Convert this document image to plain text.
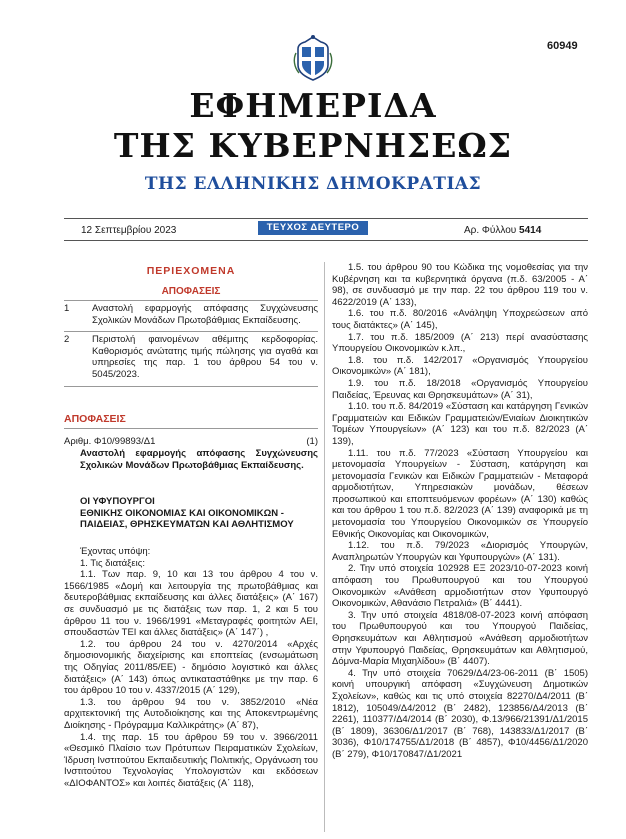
60949
ΕΦΗΜΕΡΙΔΑ
ΤΗΣ ΚΥΒΕΡΝΗΣΕΩΣ
ΤΗΣ ΕΛΛΗΝΙΚΗΣ ΔΗΜΟΚΡΑΤΙΑΣ
12 Σεπτεμβρίου 2023	ΤΕΥΧΟΣ ΔΕΥΤΕΡΟ	Αρ. Φύλλου 5414
ΠΕΡΙΕΧΟΜΕΝΑ
ΑΠΟΦΑΣΕΙΣ
1 Αναστολή εφαρμογής απόφασης Συγχώνευσης Σχολικών Μονάδων Πρωτοβάθμιας Εκπαίδευσης.
2 Περιστολή φαινομένων αθέμιτης κερδοφορίας. Καθορισμός ανώτατης τιμής πώλησης για αγαθά και υπηρεσίες της παρ. 1 του άρθρου 54 του ν. 5045/2023.
ΑΠΟΦΑΣΕΙΣ
Αριθμ. Φ10/99893/Δ1	(1)
Αναστολή εφαρμογής απόφασης Συγχώνευσης Σχολικών Μονάδων Πρωτοβάθμιας Εκπαίδευσης.
ΟΙ ΥΦΥΠΟΥΡΓΟΙ
ΕΘΝΙΚΗΣ ΟΙΚΟΝΟΜΙΑΣ ΚΑΙ ΟΙΚΟΝΟΜΙΚΩΝ -
ΠΑΙΔΕΙΑΣ, ΘΡΗΣΚΕΥΜΑΤΩΝ ΚΑΙ ΑΘΛΗΤΙΣΜΟΥ

Έχοντας υπόψη:

1. Τις διατάξεις:

1.1. Των παρ. 9, 10 και 13 του άρθρου 4 του ν. 1566/1985 «Δομή και λειτουργία της πρωτοβάθμιας και δευτεροβάθμιας εκπαίδευσης και άλλες διατάξεις» (Α΄ 167) σε συνδυασμό με τις διατάξεις των παρ. 1, 2 και 5 του άρθρου 11 του ν. 1966/1991 «Μεταγραφές φοιτητών ΑΕΙ, σπουδαστών ΤΕΙ και άλλες διατάξεις» (Α΄ 147΄) ,

1.2. του άρθρου 24 του ν. 4270/2014 «Αρχές δημοσιονομικής διαχείρισης και εποπτείας (ενσωμάτωση της Οδηγίας 2011/85/ΕΕ) - δημόσιο λογιστικό και άλλες διατάξεις» (Α΄ 143) όπως αντικαταστάθηκε με την παρ. 6 του άρθρου 10 του ν. 4337/2015 (Α΄ 129),

1.3. του άρθρου 94 του ν. 3852/2010 «Νέα αρχιτεκτονική της Αυτοδιοίκησης και της Αποκεντρωμένης Διοίκησης - Πρόγραμμα Καλλικράτης» (Α΄ 87),

1.4. της παρ. 15 του άρθρου 59 του ν. 3966/2011 «Θεσμικό Πλαίσιο των Πρότυπων Πειραματικών Σχολείων, Ίδρυση Ινστιτούτου Εκπαιδευτικής Πολιτικής, Οργάνωση του Ινστιτούτου Τεχνολογίας Υπολογιστών και εκδόσεων «ΔΙΟΦΑΝΤΟΣ» και λοιπές διατάξεις (Α΄ 118),

1.5. του άρθρου 90 του Κώδικα της νομοθεσίας για την Κυβέρνηση και τα κυβερνητικά όργανα (π.δ. 63/2005 - Α΄ 98), σε συνδυασμό με την παρ. 22 του άρθρου 119 του ν. 4622/2019 (Α΄ 133),

1.6. του π.δ. 80/2016 «Ανάληψη Υποχρεώσεων από τους διατάκτες» (Α΄ 145),

1.7. του π.δ. 185/2009 (Α΄ 213) περί ανασύστασης Υπουργείου Οικονομικών κ.λπ.,

1.8. του π.δ. 142/2017 «Οργανισμός Υπουργείου Οικονομικών» (Α΄ 181),

1.9. του π.δ. 18/2018 «Οργανισμός Υπουργείου Παιδείας, Έρευνας και Θρησκευμάτων» (Α΄ 31),

1.10. του π.δ. 84/2019 «Σύσταση και κατάργηση Γενικών Γραμματειών και Ειδικών Γραμματειών/Ενιαίων Διοικητικών Τομέων Υπουργείων» (Α΄ 123) και του π.δ. 82/2023 (Α΄ 139),

1.11. του π.δ. 77/2023 «Σύσταση Υπουργείου και μετονομασία Υπουργείων - Σύσταση, κατάργηση και μετονομασία Γενικών και Ειδικών Γραμματειών - Μεταφορά αρμοδιοτήτων, Υπηρεσιακών μονάδων, θέσεων προσωπικού και εποπτευόμενων φορέων» (Α΄ 130) καθώς και του άρθρου 1 του π.δ. 82/2023 (Α΄ 139) αναφορικά με τη μετονομασία του Υπουργείου Οικονομικών σε Υπουργείο Εθνικής Οικονομίας και Οικονομικών,

1.12. του π.δ. 79/2023 «Διορισμός Υπουργών, Αναπληρωτών Υπουργών και Υφυπουργών» (Α΄ 131).

2. Την υπό στοιχεία 102928 ΕΞ 2023/10-07-2023 κοινή απόφαση του Πρωθυπουργού και του Υπουργού Οικονομικών «Ανάθεση αρμοδιοτήτων στον Υφυπουργό Οικονομικών, Αθανάσιο Πετραλιά» (Β΄ 4441).

3. Την υπό στοιχεία 4818/08-07-2023 κοινή απόφαση του Πρωθυπουργού και του Υπουργού Παιδείας, Θρησκευμάτων και Αθλητισμού «Ανάθεση αρμοδιοτήτων στην Υφυπουργό Παιδείας, Θρησκευμάτων και Αθλητισμού, Δόμνα-Μαρία Μιχαηλίδου» (Β΄ 4407).

4. Την υπό στοιχεία 70629/Δ4/23-06-2011 (Β΄ 1505) κοινή υπουργική απόφαση «Συγχώνευση Δημοτικών Σχολείων», καθώς και τις υπό στοιχεία 82270/Δ4/2011 (Β΄ 1812), 105049/Δ4/2012 (Β΄ 2482), 123856/Δ4/2013 (Β΄ 2261), 110377/Δ4/2014 (Β΄ 2030), Φ.13/966/21391/Δ1/2015 (Β΄ 1809), 36306/Δ1/2017 (Β΄ 768), 143833/Δ1/2017 (Β΄ 3036), Φ10/174755/Δ1/2018 (Β΄ 4857), Φ10/4456/Δ1/2020 (Β΄ 279), Φ10/170847/Δ1/2021
